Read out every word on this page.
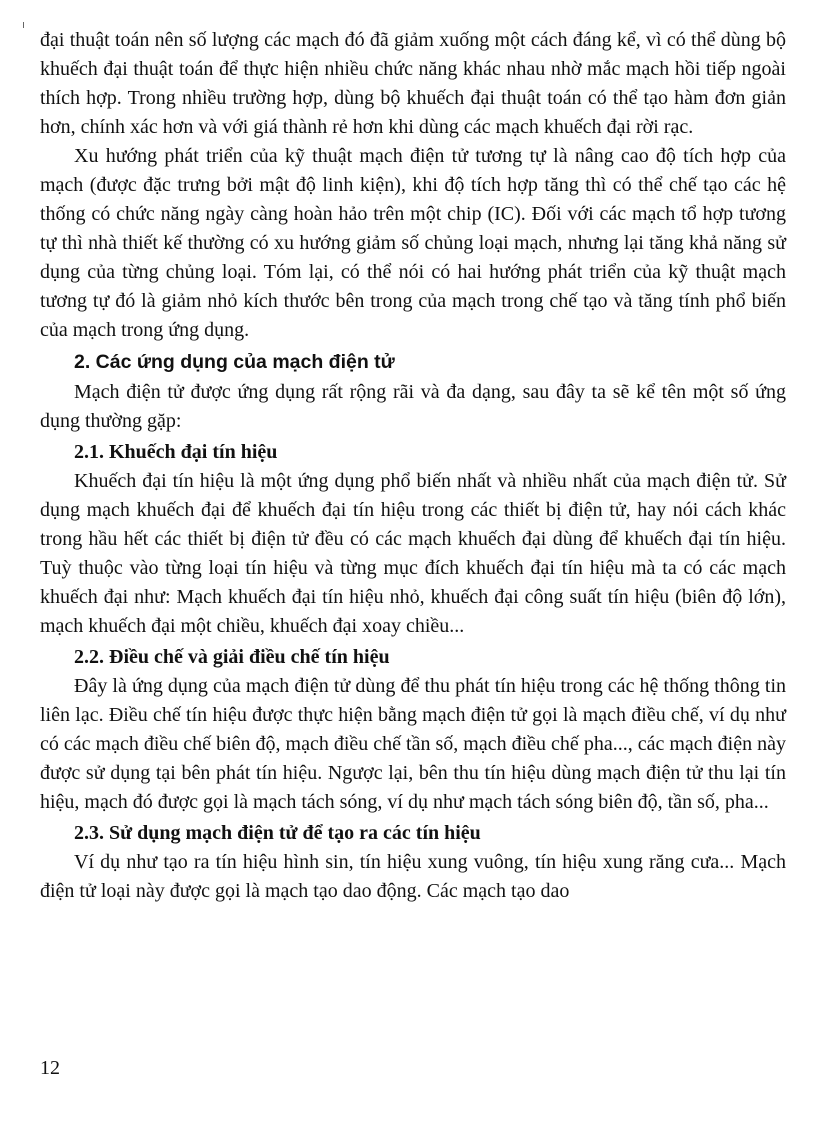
đại thuật toán nên số lượng các mạch đó đã giảm xuống một cách đáng kể, vì có thể dùng bộ khuếch đại thuật toán để thực hiện nhiều chức năng khác nhau nhờ mắc mạch hồi tiếp ngoài thích hợp. Trong nhiều trường hợp, dùng bộ khuếch đại thuật toán có thể tạo hàm đơn giản hơn, chính xác hơn và với giá thành rẻ hơn khi dùng các mạch khuếch đại rời rạc.

Xu hướng phát triển của kỹ thuật mạch điện tử tương tự là nâng cao độ tích hợp của mạch (được đặc trưng bởi mật độ linh kiện), khi độ tích hợp tăng thì có thể chế tạo các hệ thống có chức năng ngày càng hoàn hảo trên một chip (IC). Đối với các mạch tổ hợp tương tự thì nhà thiết kế thường có xu hướng giảm số chủng loại mạch, nhưng lại tăng khả năng sử dụng của từng chủng loại. Tóm lại, có thể nói có hai hướng phát triển của kỹ thuật mạch tương tự đó là giảm nhỏ kích thước bên trong của mạch trong chế tạo và tăng tính phổ biến của mạch trong ứng dụng.

2. Các ứng dụng của mạch điện tử

Mạch điện tử được ứng dụng rất rộng rãi và đa dạng, sau đây ta sẽ kể tên một số ứng dụng thường gặp:

2.1. Khuếch đại tín hiệu

Khuếch đại tín hiệu là một ứng dụng phổ biến nhất và nhiều nhất của mạch điện tử. Sử dụng mạch khuếch đại để khuếch đại tín hiệu trong các thiết bị điện tử, hay nói cách khác trong hầu hết các thiết bị điện tử đều có các mạch khuếch đại dùng để khuếch đại tín hiệu. Tuỳ thuộc vào từng loại tín hiệu và từng mục đích khuếch đại tín hiệu mà ta có các mạch khuếch đại như: Mạch khuếch đại tín hiệu nhỏ, khuếch đại công suất tín hiệu (biên độ lớn), mạch khuếch đại một chiều, khuếch đại xoay chiều...

2.2. Điều chế và giải điều chế tín hiệu

Đây là ứng dụng của mạch điện tử dùng để thu phát tín hiệu trong các hệ thống thông tin liên lạc. Điều chế tín hiệu được thực hiện bằng mạch điện tử gọi là mạch điều chế, ví dụ như có các mạch điều chế biên độ, mạch điều chế tần số, mạch điều chế pha..., các mạch điện này được sử dụng tại bên phát tín hiệu. Ngược lại, bên thu tín hiệu dùng mạch điện tử thu lại tín hiệu, mạch đó được gọi là mạch tách sóng, ví dụ như mạch tách sóng biên độ, tần số, pha...

2.3. Sử dụng mạch điện tử để tạo ra các tín hiệu

Ví dụ như tạo ra tín hiệu hình sin, tín hiệu xung vuông, tín hiệu xung răng cưa... Mạch điện tử loại này được gọi là mạch tạo dao động. Các mạch tạo dao

12
